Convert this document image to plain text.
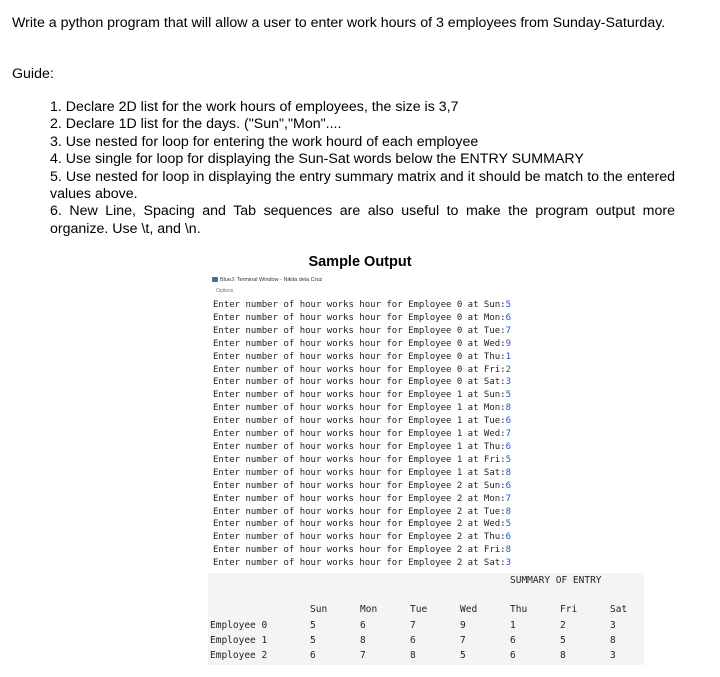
Write a python program that will allow a user to enter work hours of 3 employees from Sunday-Saturday.
Guide:
1. Declare 2D list for the work hours of employees, the size is 3,7
2. Declare 1D list for the days. ("Sun","Mon"....
3. Use nested for loop for entering the work hourd of each employee
4. Use single for loop for displaying the Sun-Sat words below the ENTRY SUMMARY
5. Use nested for loop in displaying the entry summary matrix and it should be match to the entered values above.
6. New Line, Spacing and Tab sequences are also useful to make the program output more organize. Use \t, and \n.
Sample Output
BlueJ: Terminal Window - Nikita dela Cruz
Options
Enter number of hour works hour for Employee 0 at Sun:5
Enter number of hour works hour for Employee 0 at Mon:6
Enter number of hour works hour for Employee 0 at Tue:7
Enter number of hour works hour for Employee 0 at Wed:9
Enter number of hour works hour for Employee 0 at Thu:1
Enter number of hour works hour for Employee 0 at Fri:2
Enter number of hour works hour for Employee 0 at Sat:3
Enter number of hour works hour for Employee 1 at Sun:5
Enter number of hour works hour for Employee 1 at Mon:8
Enter number of hour works hour for Employee 1 at Tue:6
Enter number of hour works hour for Employee 1 at Wed:7
Enter number of hour works hour for Employee 1 at Thu:6
Enter number of hour works hour for Employee 1 at Fri:5
Enter number of hour works hour for Employee 1 at Sat:8
Enter number of hour works hour for Employee 2 at Sun:6
Enter number of hour works hour for Employee 2 at Mon:7
Enter number of hour works hour for Employee 2 at Tue:8
Enter number of hour works hour for Employee 2 at Wed:5
Enter number of hour works hour for Employee 2 at Thu:6
Enter number of hour works hour for Employee 2 at Fri:8
Enter number of hour works hour for Employee 2 at Sat:3
SUMMARY OF ENTRY
Sun	Mon	Tue	Wed	Thu	Fri	Sat
Employee 0	5	6	7	9	1	2	3
Employee 1	5	8	6	7	6	5	8
Employee 2	6	7	8	5	6	8	3
